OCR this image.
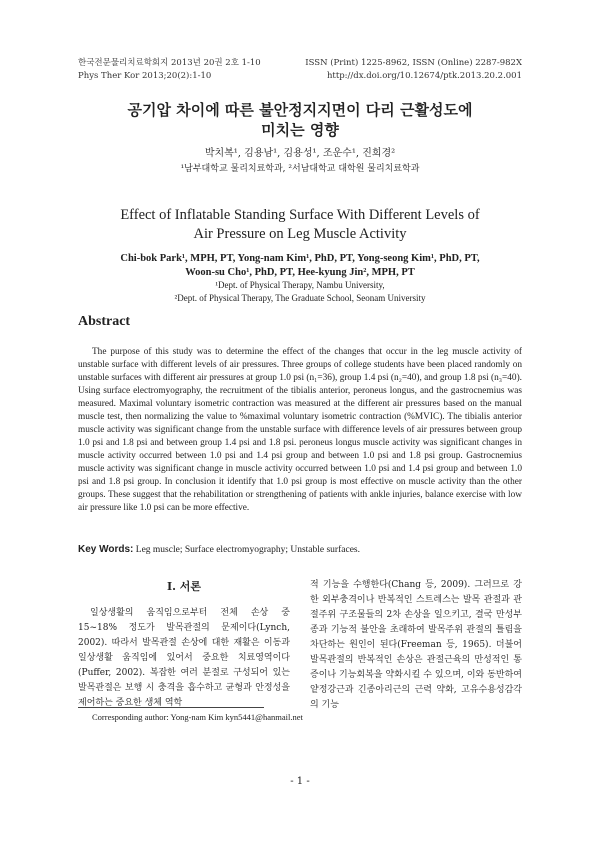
한국전문물리치료학회지 2013년 20권 2호 1-10
Phys Ther Kor 2013;20(2):1-10
ISSN (Print) 1225-8962, ISSN (Online) 2287-982X
http://dx.doi.org/10.12674/ptk.2013.20.2.001
공기압 차이에 따른 불안정지지면이 다리 근활성도에
미치는 영향
박치복¹, 김용남¹, 김용성¹, 조운수¹, 진희경²
¹남부대학교 물리치료학과, ²서남대학교 대학원 물리치료학과
Effect of Inflatable Standing Surface With Different Levels of
Air Pressure on Leg Muscle Activity
Chi-bok Park¹, MPH, PT, Yong-nam Kim¹, PhD, PT, Yong-seong Kim¹, PhD, PT,
Woon-su Cho¹, PhD, PT, Hee-kyung Jin², MPH, PT
¹Dept. of Physical Therapy, Nambu University,
²Dept. of Physical Therapy, The Graduate School, Seonam University
Abstract
The purpose of this study was to determine the effect of the changes that occur in the leg muscle activity of unstable surface with different levels of air pressures. Three groups of college students have been placed randomly on unstable surfaces with different air pressures at group 1.0 psi (n₁=36), group 1.4 psi (n₂=40), and group 1.8 psi (n₃=40). Using surface electromyography, the recruitment of the tibialis anterior, peroneus longus, and the gastrocnemius was measured. Maximal voluntary isometric contraction was measured at the different air pressures based on the manual muscle test, then normalizing the value to %maximal voluntary isometric contraction (%MVIC). The tibialis anterior muscle activity was significant change from the unstable surface with difference levels of air pressures between group 1.0 psi and 1.8 psi and between group 1.4 psi and 1.8 psi. peroneus longus muscle activity was significant changes in muscle activity occurred between 1.0 psi and 1.4 psi group and between 1.0 psi and 1.8 psi group. Gastrocnemius muscle activity was significant change in muscle activity occurred between 1.0 psi and 1.4 psi group and between 1.0 psi and 1.8 psi group. In conclusion it identify that 1.0 psi group is most effective on muscle activity than the other groups. These suggest that the rehabilitation or strengthening of patients with ankle injuries, balance exercise with low air pressure like 1.0 psi can be more effective.
Key Words: Leg muscle; Surface electromyography; Unstable surfaces.
Ⅰ. 서론
일상생활의 움직임으로부터 전체 손상 중 15~18% 정도가 발목관절의 문제이다(Lynch, 2002). 따라서 발목관절 손상에 대한 재활은 이동과 일상생활 움직임에 있어서 중요한 치료영역이다(Puffer, 2002). 복잡한 여러 분절로 구성되어 있는 발목관절은 보행 시 충격을 흡수하고 균형과 안정성을 제어하는 중요한 생체 역학
적 기능을 수행한다(Chang 등, 2009). 그러므로 강한 외부충격이나 반복적인 스트레스는 발목 관절과 관절주위 구조물들의 2차 손상을 일으키고, 결국 만성부종과 기능적 불안을 초래하여 발목주위 관절의 틀림을 차단하는 원인이 된다(Freeman 등, 1965). 더불어 발목관절의 반복적인 손상은 관절근육의 만성적인 통증이나 기능회복을 약화시킬 수 있으며, 이와 동반하여 얕정강근과 긴종아리근의 근력 약화, 고유수용성감각의 기능
Corresponding author: Yong-nam Kim kyn5441@hanmail.net
- 1 -
